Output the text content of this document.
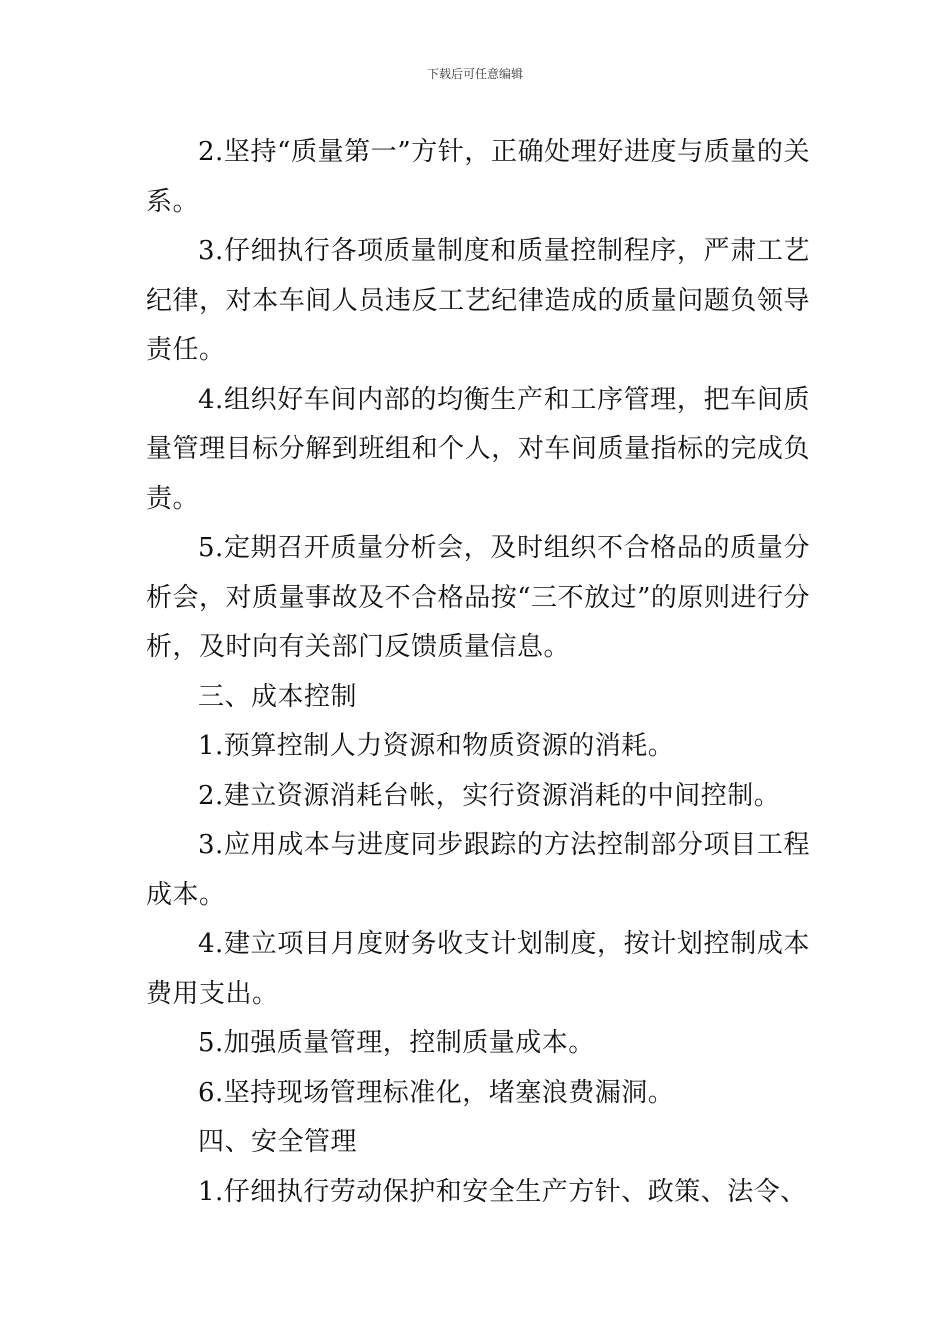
下载后可任意编辑

2.坚持“质量第一”方针，正确处理好进度与质量的关系。

3.仔细执行各项质量制度和质量控制程序，严肃工艺纪律，对本车间人员违反工艺纪律造成的质量问题负领导责任。

4.组织好车间内部的均衡生产和工序管理，把车间质量管理目标分解到班组和个人，对车间质量指标的完成负责。

5.定期召开质量分析会，及时组织不合格品的质量分析会，对质量事故及不合格品按“三不放过”的原则进行分析，及时向有关部门反馈质量信息。

三、成本控制

1.预算控制人力资源和物质资源的消耗。

2.建立资源消耗台帐，实行资源消耗的中间控制。

3.应用成本与进度同步跟踪的方法控制部分项目工程成本。

4.建立项目月度财务收支计划制度，按计划控制成本费用支出。

5.加强质量管理，控制质量成本。

6.坚持现场管理标准化，堵塞浪费漏洞。

四、安全管理

1.仔细执行劳动保护和安全生产方针、政策、法令、
